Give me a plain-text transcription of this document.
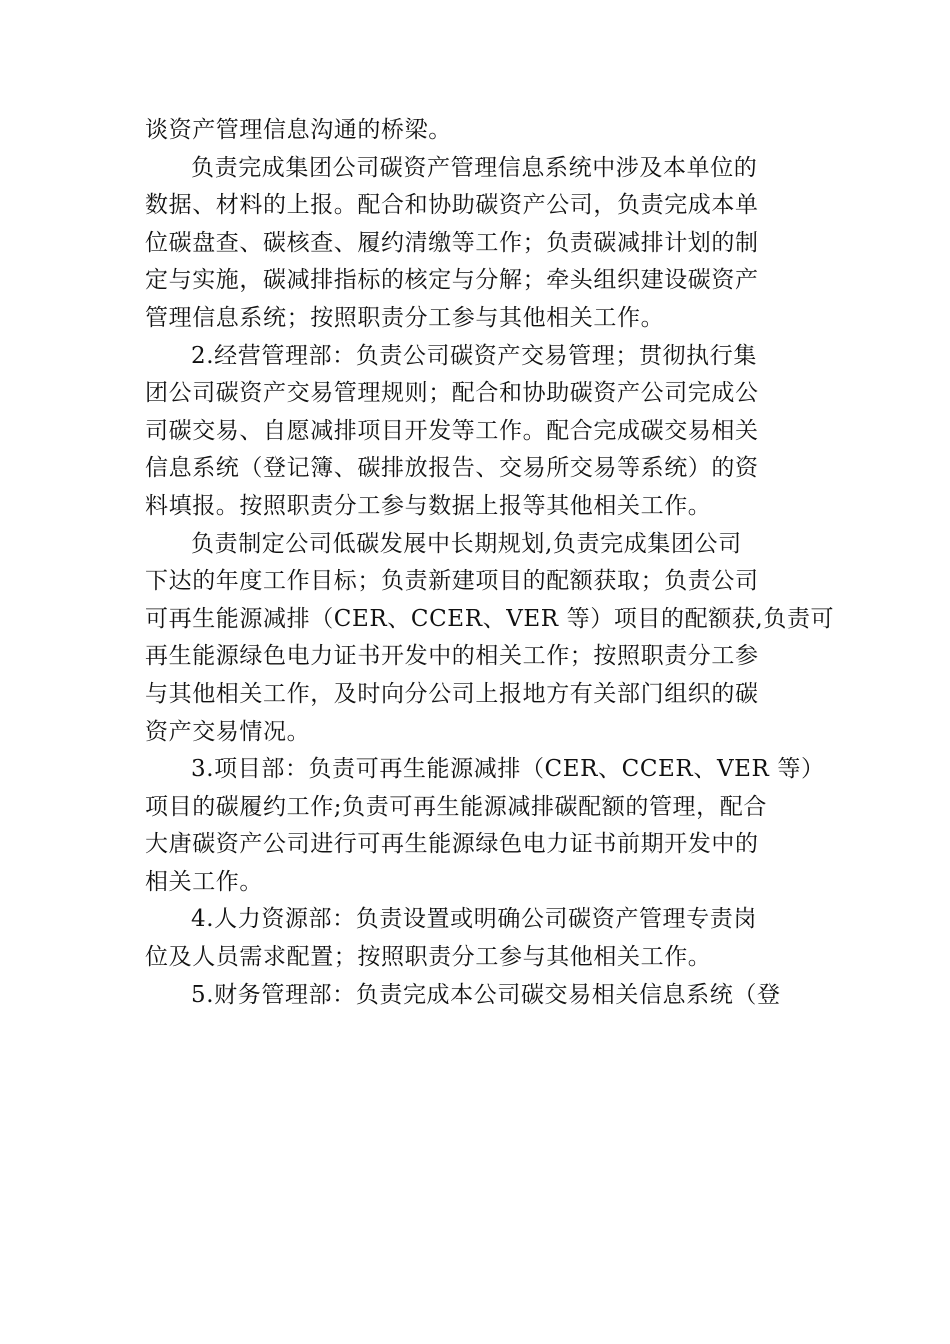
谈资产管理信息沟通的桥梁。
负责完成集团公司碳资产管理信息系统中涉及本单位的
数据、材料的上报。配合和协助碳资产公司，负责完成本单
位碳盘查、碳核查、履约清缴等工作；负责碳减排计划的制
定与实施，碳减排指标的核定与分解；牵头组织建设碳资产
管理信息系统；按照职责分工参与其他相关工作。
2.经营管理部：负责公司碳资产交易管理；贯彻执行集
团公司碳资产交易管理规则；配合和协助碳资产公司完成公
司碳交易、自愿减排项目开发等工作。配合完成碳交易相关
信息系统（登记簿、碳排放报告、交易所交易等系统）的资
料填报。按照职责分工参与数据上报等其他相关工作。
负责制定公司低碳发展中长期规划,负责完成集团公司
下达的年度工作目标；负责新建项目的配额获取；负责公司
可再生能源减排（CER、CCER、VER 等）项目的配额获,负责可
再生能源绿色电力证书开发中的相关工作；按照职责分工参
与其他相关工作，及时向分公司上报地方有关部门组织的碳
资产交易情况。
3.项目部：负责可再生能源减排（CER、CCER、VER 等）
项目的碳履约工作;负责可再生能源减排碳配额的管理，配合
大唐碳资产公司进行可再生能源绿色电力证书前期开发中的
相关工作。
4.人力资源部：负责设置或明确公司碳资产管理专责岗
位及人员需求配置；按照职责分工参与其他相关工作。
5.财务管理部：负责完成本公司碳交易相关信息系统（登
